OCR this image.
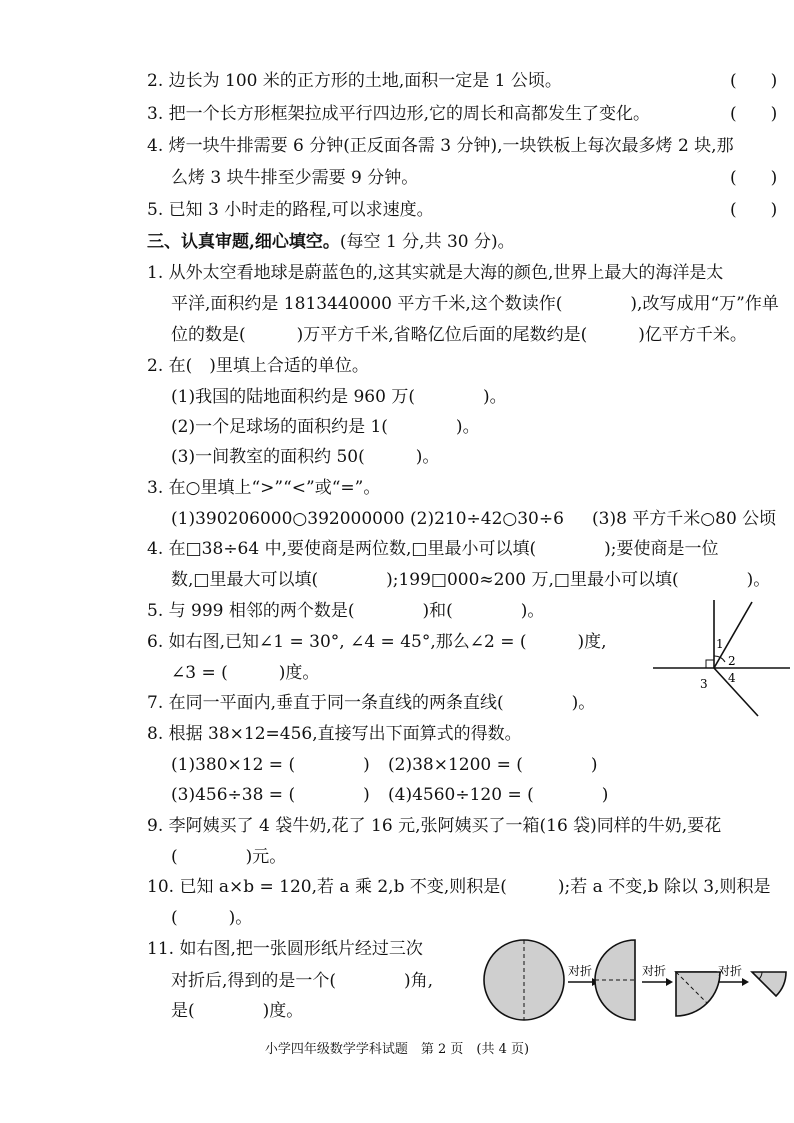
2. 边长为 100 米的正方形的土地,面积一定是 1 公顷。	(　　)
3. 把一个长方形框架拉成平行四边形,它的周长和高都发生了变化。	(　　)
4. 烤一块牛排需要 6 分钟(正反面各需 3 分钟),一块铁板上每次最多烤 2 块,那
么烤 3 块牛排至少需要 9 分钟。	(　　)
5. 已知 3 小时走的路程,可以求速度。	(　　)
三、认真审题,细心填空。(每空 1 分,共 30 分)。
1. 从外太空看地球是蔚蓝色的,这其实就是大海的颜色,世界上最大的海洋是太
平洋,面积约是 1813440000 平方千米,这个数读作(　　　　),改写成用“万”作单
位的数是(　　　)万平方千米,省略亿位后面的尾数约是(　　　)亿平方千米。
2. 在(　)里填上合适的单位。
(1)我国的陆地面积约是 960 万(　　　　)。
(2)一个足球场的面积约是 1(　　　　)。
(3)一间教室的面积约 50(　　　)。
3. 在○里填上“>”“<”或“=”。
(1)390206000○392000000 (2)210÷42○30÷6 (3)8 平方千米○80 公顷
4. 在□38÷64 中,要使商是两位数,□里最小可以填(　　　　);要使商是一位
数,□里最大可以填(　　　　);199□000≈200 万,□里最小可以填(　　　　)。
5. 与 999 相邻的两个数是(　　　　)和(　　　　)。
6. 如右图,已知∠1 = 30°, ∠4 = 45°,那么∠2 = (　　　)度,
∠3 = (　　　)度。
1
2
3 4
7. 在同一平面内,垂直于同一条直线的两条直线(　　　　)。
8. 根据 38×12=456,直接写出下面算式的得数。
(1)380×12 = (　　　　) (2)38×1200 = (　　　　)
(3)456÷38 = (　　　　) (4)4560÷120 = (　　　　)
9. 李阿姨买了 4 袋牛奶,花了 16 元,张阿姨买了一箱(16 袋)同样的牛奶,要花
(　　　　)元。
10. 已知 a×b = 120,若 a 乘 2,b 不变,则积是(　　　);若 a 不变,b 除以 3,则积是
(　　　)。
11. 如右图,把一张圆形纸片经过三次
对折后,得到的是一个(　　　　)角,
是(　　　　)度。
对折	对折	对折
小学四年级数学学科试题　第 2 页　(共 4 页)
